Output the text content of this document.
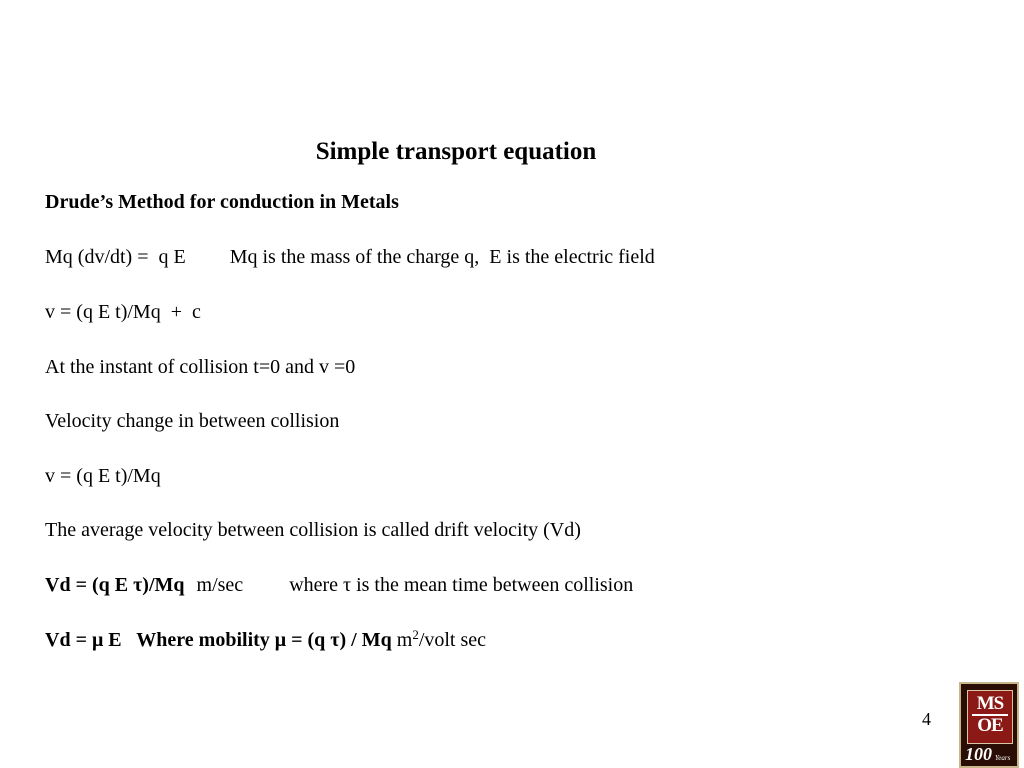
Simple transport equation
Drude’s Method for conduction in Metals
Mq (dv/dt) =  q E Mq is the mass of the charge q,  E is the electric field
v = (q E t)/Mq  +  c
At the instant of collision t=0 and v =0
Velocity change in between collision
v = (q E t)/Mq
The average velocity between collision is called drift velocity (Vd)
Vd = (q E τ)/Mq m/sec where τ is the mean time between collision
Vd = μ E   Where mobility μ = (q τ) / Mq $m^2$/volt sec
4
MS
OE
100 Years
